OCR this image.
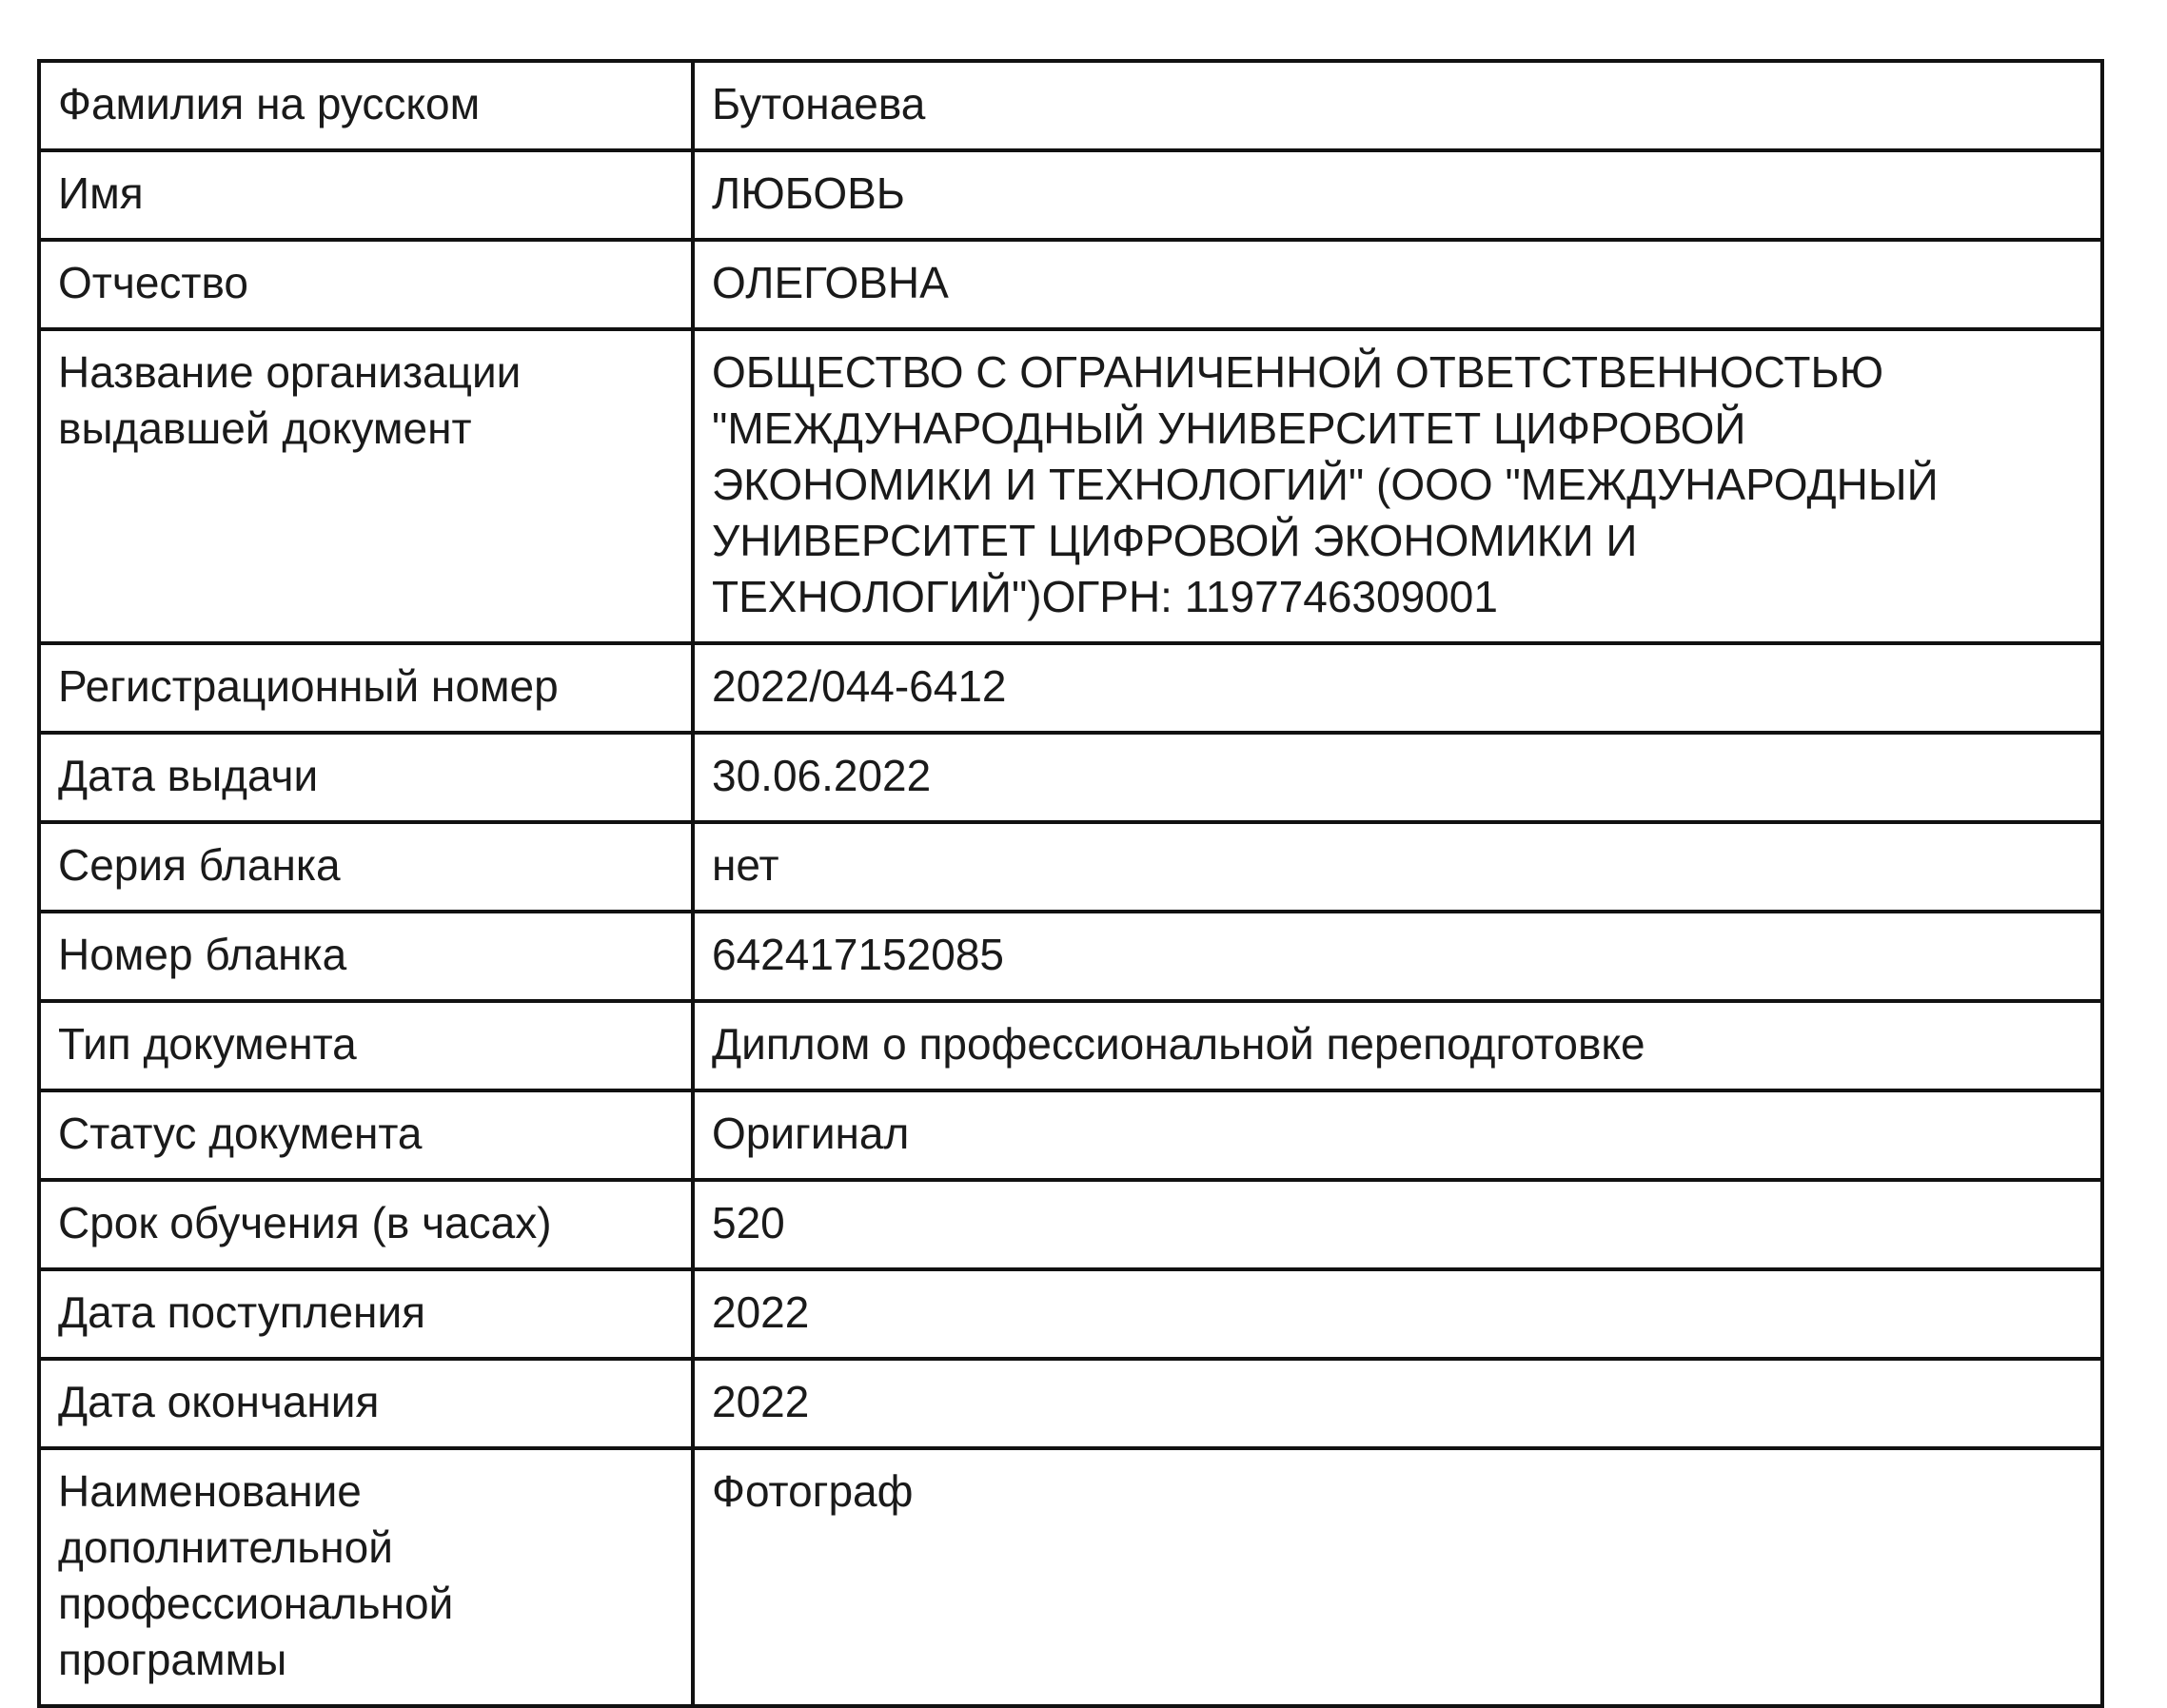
Фамилия на русском	Бутонаева
Имя	ЛЮБОВЬ
Отчество	ОЛЕГОВНА
Название организации выдавшей документ	ОБЩЕСТВО С ОГРАНИЧЕННОЙ ОТВЕТСТВЕННОСТЬЮ "МЕЖДУНАРОДНЫЙ УНИВЕРСИТЕТ ЦИФРОВОЙ ЭКОНОМИКИ И ТЕХНОЛОГИЙ" (ООО "МЕЖДУНАРОДНЫЙ УНИВЕРСИТЕТ ЦИФРОВОЙ ЭКОНОМИКИ И ТЕХНОЛОГИЙ")ОГРН: 1197746309001
Регистрационный номер	2022/044-6412
Дата выдачи	30.06.2022
Серия бланка	нет
Номер бланка	642417152085
Тип документа	Диплом о профессиональной переподготовке
Статус документа	Оригинал
Срок обучения (в часах)	520
Дата поступления	2022
Дата окончания	2022
Наименование дополнительной профессиональной программы	Фотограф
